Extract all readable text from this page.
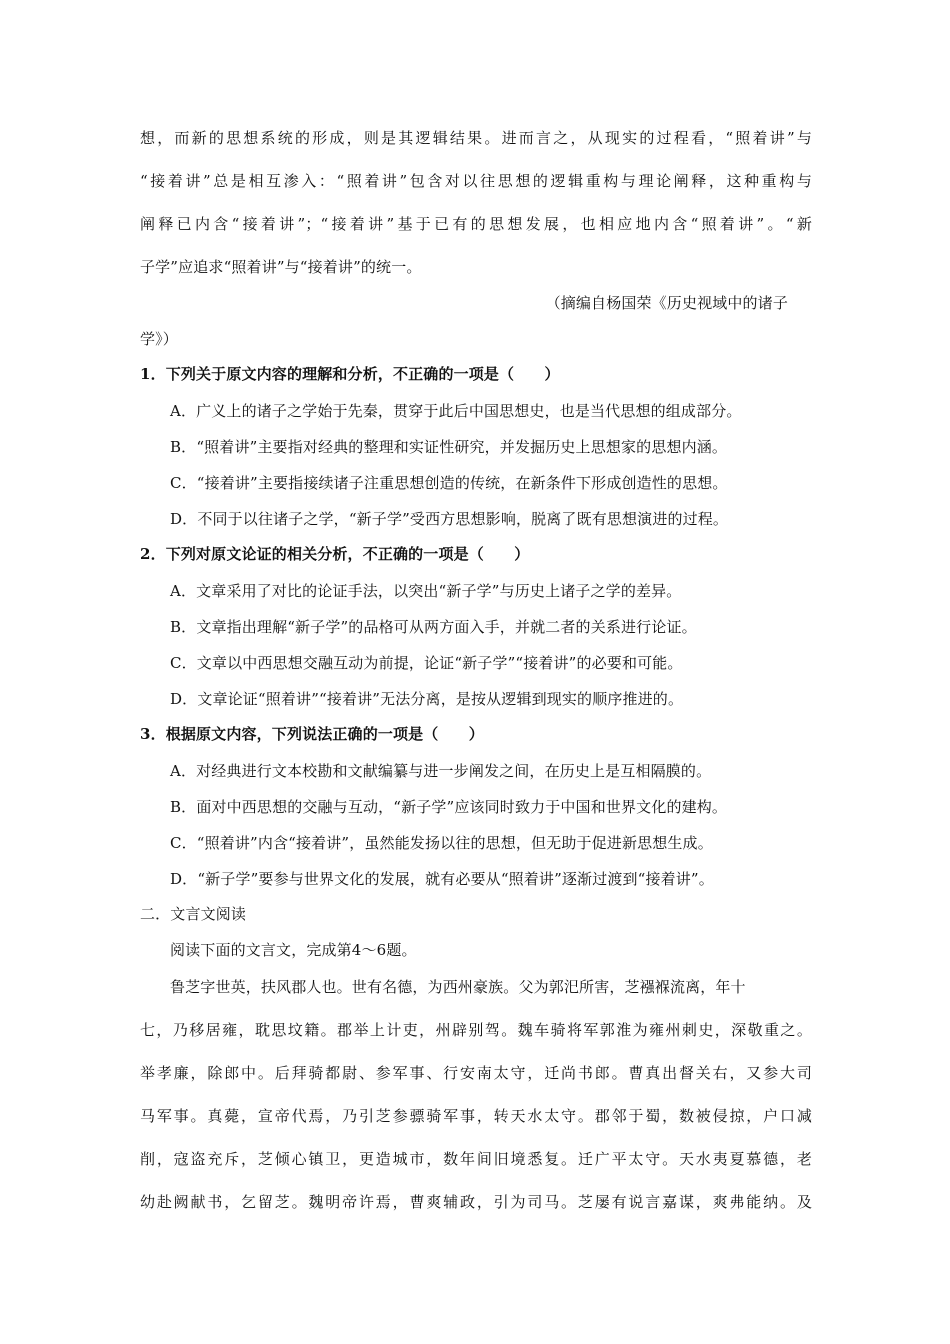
想，而新的思想系统的形成，则是其逻辑结果。进而言之，从现实的过程看，“照着讲”与
“接着讲”总是相互渗入：“照着讲”包含对以往思想的逻辑重构与理论阐释，这种重构与
阐释已内含“接着讲”；“接着讲”基于已有的思想发展，也相应地内含“照着讲”。“新
子学”应追求“照着讲”与“接着讲”的统一。
（摘编自杨国荣《历史视域中的诸子
学》）
1．下列关于原文内容的理解和分析，不正确的一项是（　　）
A．广义上的诸子之学始于先秦，贯穿于此后中国思想史，也是当代思想的组成部分。
B．“照着讲”主要指对经典的整理和实证性研究，并发掘历史上思想家的思想内涵。
C．“接着讲”主要指接续诸子注重思想创造的传统，在新条件下形成创造性的思想。
D．不同于以往诸子之学，“新子学”受西方思想影响，脱离了既有思想演进的过程。
2．下列对原文论证的相关分析，不正确的一项是（　　）
A．文章采用了对比的论证手法，以突出“新子学”与历史上诸子之学的差异。
B．文章指出理解“新子学”的品格可从两方面入手，并就二者的关系进行论证。
C．文章以中西思想交融互动为前提，论证“新子学”“接着讲”的必要和可能。
D．文章论证“照着讲”“接着讲”无法分离，是按从逻辑到现实的顺序推进的。
3．根据原文内容，下列说法正确的一项是（　　）
A．对经典进行文本校勘和文献编纂与进一步阐发之间，在历史上是互相隔膜的。
B．面对中西思想的交融与互动，“新子学”应该同时致力于中国和世界文化的建构。
C．“照着讲”内含“接着讲”，虽然能发扬以往的思想，但无助于促进新思想生成。
D．“新子学”要参与世界文化的发展，就有必要从“照着讲”逐渐过渡到“接着讲”。
二．文言文阅读
阅读下面的文言文，完成第4～6题。
鲁芝字世英，扶风郡人也。世有名德，为西州豪族。父为郭汜所害，芝襁褓流离，年十
七，乃移居雍，耽思坟籍。郡举上计吏，州辟别驾。魏车骑将军郭淮为雍州刺史，深敬重之。
举孝廉，除郎中。后拜骑都尉、参军事、行安南太守，迁尚书郎。曹真出督关右，又参大司
马军事。真薨，宣帝代焉，乃引芝参骠骑军事，转天水太守。郡邻于蜀，数被侵掠，户口减
削，寇盗充斥，芝倾心镇卫，更造城市，数年间旧境悉复。迁广平太守。天水夷夏慕德，老
幼赴阙献书，乞留芝。魏明帝许焉，曹爽辅政，引为司马。芝屡有说言嘉谋，爽弗能纳。及
